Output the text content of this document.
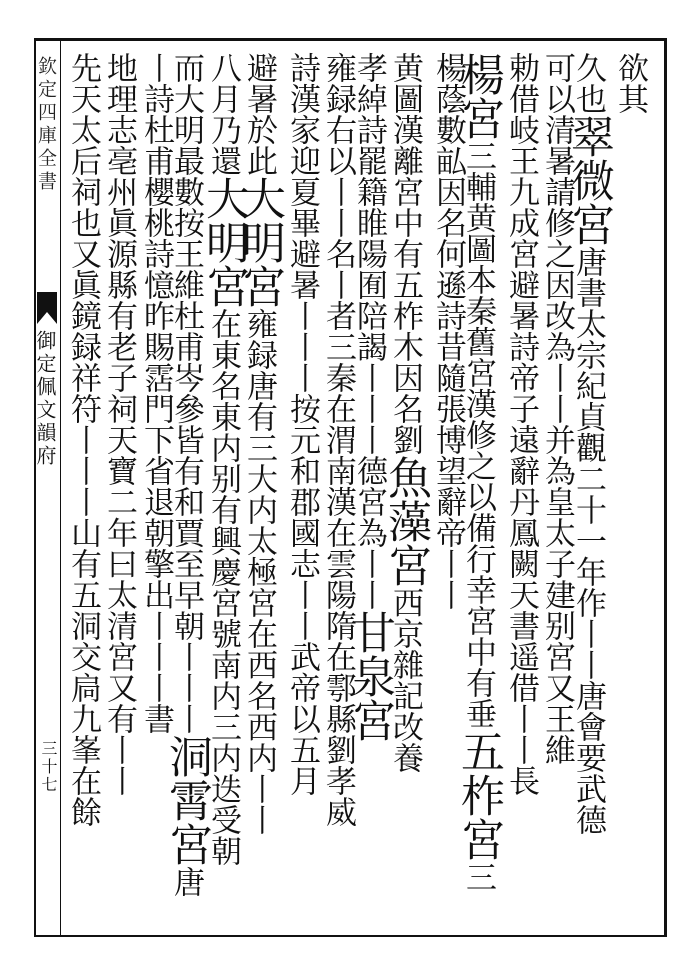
欽定四庫全書
御定佩文韻府
三十七
欲其
久也翠微宮唐書太宗紀貞觀二十一年作丨丨唐會要武德
可以清暑請修之因改為丨丨并為皇太子建别宮又王維
勅借岐王九成宮避暑詩帝子遠辭丹鳳闕天書遥借丨丨長
楊宮三輔黄圖本秦舊宮漢修之以備行幸宮中有垂五柞宮三
楊蔭數畆因名何遜詩昔隨張博望辭帝丨丨
黄圖漢離宮中有五柞木因名劉魚藻宮西京雜記改養
孝綽詩罷籍睢陽囿陪謁丨丨丨德宮為丨丨甘泉宮
雍録右以丨丨名丨者三秦在渭南漢在雲陽隋在鄠縣劉孝威
詩漢家迎夏畢避暑丨丨丨按元和郡國志丨丨武帝以五月
避暑於此大明宮雍録唐有三大内太極宮在西名西内丨丨
八月乃還大明宮在東名東内别有興慶宮號南内三内迭受朝
而大明最數按王維杜甫岑參皆有和賈至早朝丨丨丨洞霄宮唐
丨詩杜甫櫻桃詩憶昨賜霑門下省退朝擎出丨丨丨書
地理志亳州眞源縣有老子祠天寶二年曰太清宮又有丨丨
先天太后祠也又眞鏡録祥符丨丨丨山有五洞交扃九峯在餘
